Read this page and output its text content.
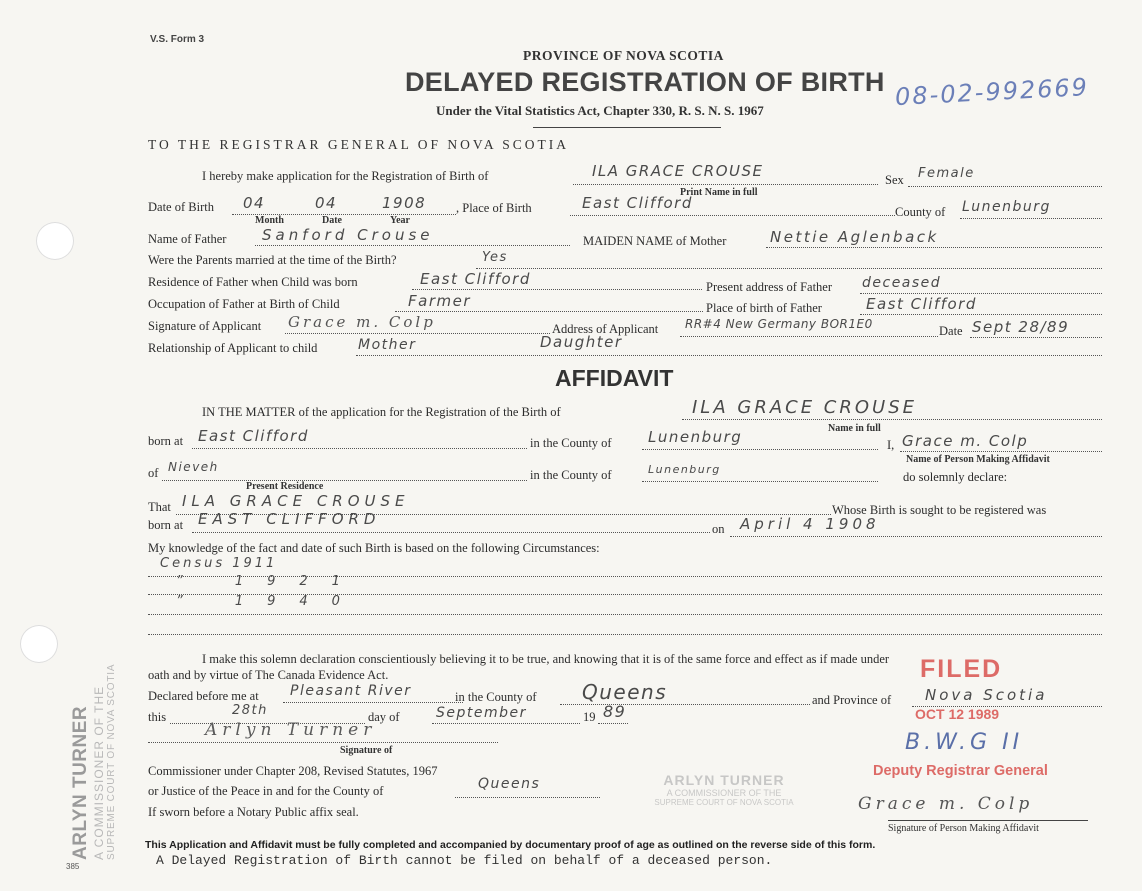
V.S. Form 3
PROVINCE OF NOVA SCOTIA
DELAYED REGISTRATION OF BIRTH 08-02-992669
Under the Vital Statistics Act, Chapter 330, R. S. N. S. 1967
TO THE REGISTRAR GENERAL OF NOVA SCOTIA
I hereby make application for the Registration of Birth of	ILA GRACE CROUSE	Sex Female
Print Name in full
Date of Birth 04	04	1908
Month	Date	Year
, Place of Birth	East Clifford	County of Lunenburg
Name of Father Sanford Crouse	MAIDEN NAME of Mother	Nettie Aglenback
Were the Parents married at the time of the Birth?	Yes
Residence of Father when Child was born	East Clifford	Present address of Father deceased
Occupation of Father at Birth of Child	Farmer	Place of birth of Father	East Clifford
Signature of Applicant Grace m. Colp	Address of Applicant RR#4 New Germany BOR1E0	Date Sept 28/89
Relationship of Applicant to child	Mother	Daughter
AFFIDAVIT
IN THE MATTER of the application for the Registration of the Birth of	ILA GRACE CROUSE
Name in full
born at East Clifford	in the County of Lunenburg	I, Grace m. Colp
Name of Person Making Affidavit
of Nieveh
Present Residence
in the County of	Lunenburg
do solemnly declare:
That ILA GRACE CROUSE	Whose Birth is sought to be registered was
born at EAST CLIFFORD
on April 4 1908
My knowledge of the fact and date of such Birth is based on the following Circumstances:
Census 1911
” 1921
” 1940
I make this solemn declaration conscientiously believing it to be true, and knowing that it is of the same force and effect as if made under
oath and by virtue of The Canada Evidence Act.
Declared before me at Pleasant River	in the County of Queens	and Province of Nova Scotia
this	28th	day of	September	19 89
Arlyn Turner
Signature of
Commissioner under Chapter 208, Revised Statutes, 1967
or Justice of the Peace in and for the County of	Queens
If sworn before a Notary Public affix seal.	Grace m. Colp
Signature of Person Making Affidavit
ARLYN TURNER A COMMISSIONER OF THE SUPREME COURT OF NOVA SCOTIA	ARLYN TURNER
A COMMISSIONER OF THE
SUPREME COURT OF NOVA SCOTIA
FILED
OCT 12 1989
B.W.G II
Deputy Registrar General
This Application and Affidavit must be fully completed and accompanied by documentary proof of age as outlined on the reverse side of this form.
A Delayed Registration of Birth cannot be filed on behalf of a deceased person.
385
